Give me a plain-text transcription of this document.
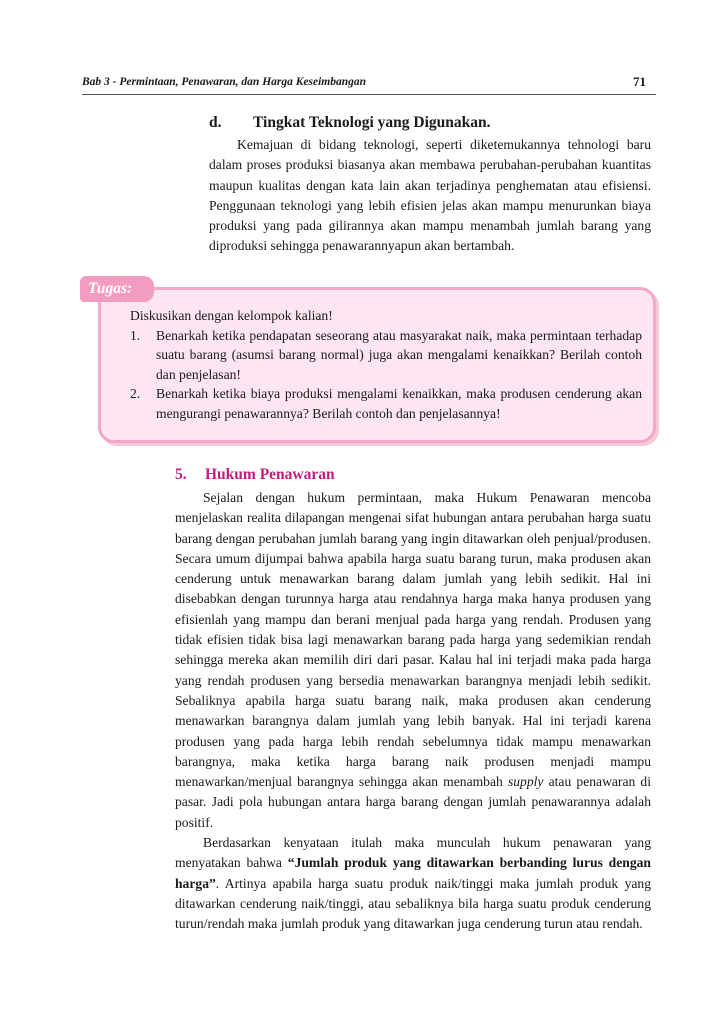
Bab 3 - Permintaan, Penawaran, dan Harga Keseimbangan	71
d. Tingkat Teknologi yang Digunakan.

Kemajuan di bidang teknologi, seperti diketemukannya tehnologi baru dalam proses produksi biasanya akan membawa perubahan-perubahan kuantitas maupun kualitas dengan kata lain akan terjadinya penghematan atau efisiensi. Penggunaan teknologi yang lebih efisien jelas akan mampu menurunkan biaya produksi yang pada gilirannya akan mampu menambah jumlah barang yang diproduksi sehingga penawarannyapun akan bertambah.

Tugas:

Diskusikan dengan kelompok kalian!

1. Benarkah ketika pendapatan seseorang atau masyarakat naik, maka permintaan terhadap suatu barang (asumsi barang normal) juga akan mengalami kenaikkan? Berilah contoh dan penjelasan!
2. Benarkah ketika biaya produksi mengalami kenaikkan, maka produsen cenderung akan mengurangi penawarannya? Berilah contoh dan penjelasannya!
5. Hukum Penawaran

Sejalan dengan hukum permintaan, maka Hukum Penawaran mencoba menjelaskan realita dilapangan mengenai sifat hubungan antara perubahan harga suatu barang dengan perubahan jumlah barang yang ingin ditawarkan oleh penjual/produsen. Secara umum dijumpai bahwa apabila harga suatu barang turun, maka produsen akan cenderung untuk menawarkan barang dalam jumlah yang lebih sedikit. Hal ini disebabkan dengan turunnya harga atau rendahnya harga maka hanya produsen yang efisienlah yang mampu dan berani menjual pada harga yang rendah. Produsen yang tidak efisien tidak bisa lagi menawarkan barang pada harga yang sedemikian rendah sehingga mereka akan memilih diri dari pasar. Kalau hal ini terjadi maka pada harga yang rendah produsen yang bersedia menawarkan barangnya menjadi lebih sedikit. Sebaliknya apabila harga suatu barang naik, maka produsen akan cenderung menawarkan barangnya dalam jumlah yang lebih banyak. Hal ini terjadi karena produsen yang pada harga lebih rendah sebelumnya tidak mampu menawarkan barangnya, maka ketika harga barang naik produsen menjadi mampu menawarkan/menjual barangnya sehingga akan menambah supply atau penawaran di pasar. Jadi pola hubungan antara harga barang dengan jumlah penawarannya adalah positif.
Berdasarkan kenyataan itulah maka munculah hukum penawaran yang menyatakan bahwa “Jumlah produk yang ditawarkan berbanding lurus dengan harga”. Artinya apabila harga suatu produk naik/tinggi maka jumlah produk yang ditawarkan cenderung naik/tinggi, atau sebaliknya bila harga suatu produk cenderung turun/rendah maka jumlah produk yang ditawarkan juga cenderung turun atau rendah.
